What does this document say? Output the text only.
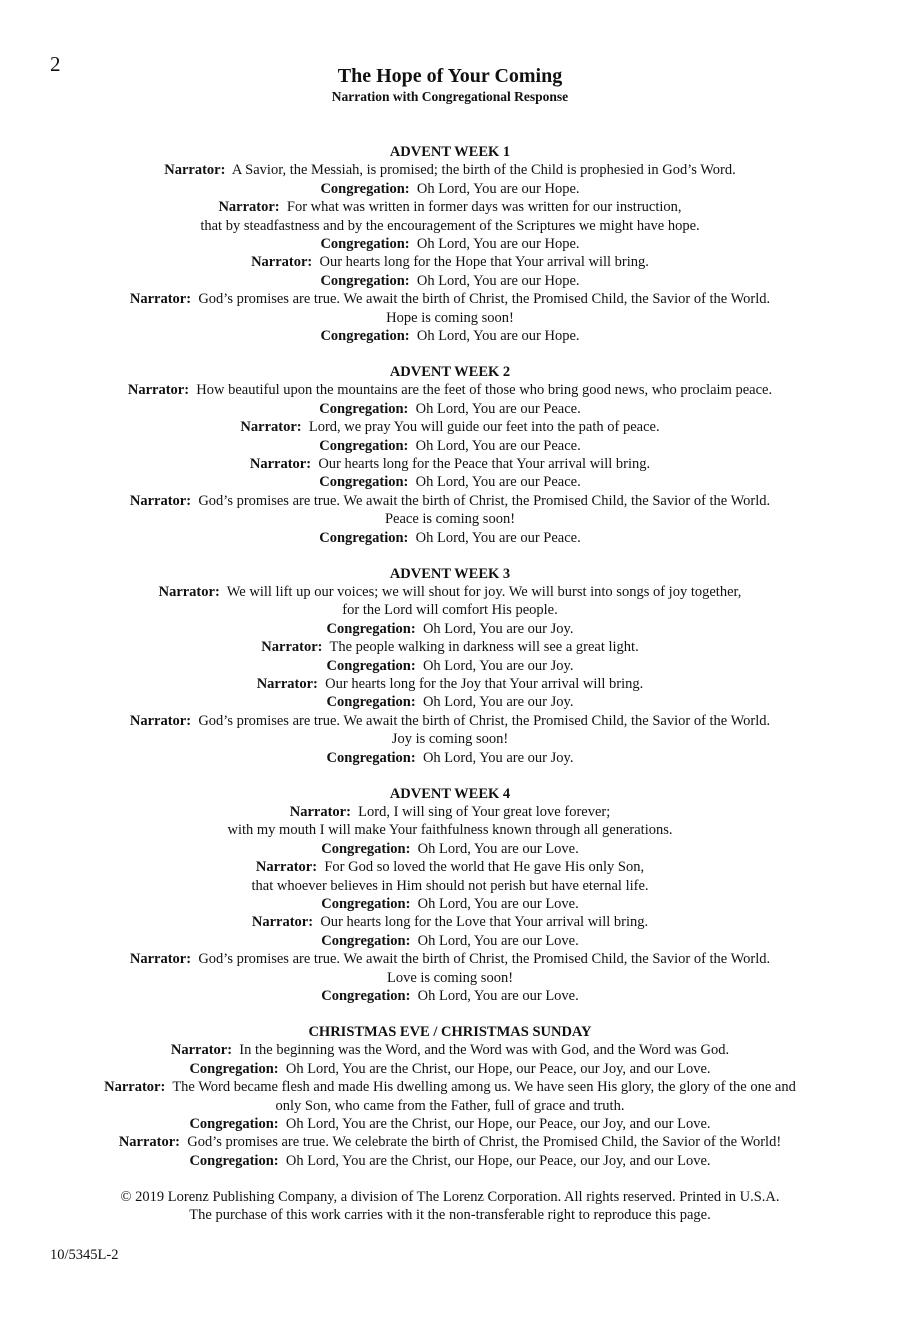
2	The Hope of Your Coming
Narration with Congregational Response
ADVENT WEEK 1
Narrator: A Savior, the Messiah, is promised; the birth of the Child is prophesied in God’s Word.
Congregation: Oh Lord, You are our Hope.
Narrator: For what was written in former days was written for our instruction,
that by steadfastness and by the encouragement of the Scriptures we might have hope.
Congregation: Oh Lord, You are our Hope.
Narrator: Our hearts long for the Hope that Your arrival will bring.
Congregation: Oh Lord, You are our Hope.
Narrator: God’s promises are true. We await the birth of Christ, the Promised Child, the Savior of the World.
Hope is coming soon!
Congregation: Oh Lord, You are our Hope.
ADVENT WEEK 2
Narrator: How beautiful upon the mountains are the feet of those who bring good news, who proclaim peace.
Congregation: Oh Lord, You are our Peace.
Narrator: Lord, we pray You will guide our feet into the path of peace.
Congregation: Oh Lord, You are our Peace.
Narrator: Our hearts long for the Peace that Your arrival will bring.
Congregation: Oh Lord, You are our Peace.
Narrator: God’s promises are true. We await the birth of Christ, the Promised Child, the Savior of the World.
Peace is coming soon!
Congregation: Oh Lord, You are our Peace.
ADVENT WEEK 3
Narrator: We will lift up our voices; we will shout for joy. We will burst into songs of joy together,
for the Lord will comfort His people.
Congregation: Oh Lord, You are our Joy.
Narrator: The people walking in darkness will see a great light.
Congregation: Oh Lord, You are our Joy.
Narrator: Our hearts long for the Joy that Your arrival will bring.
Congregation: Oh Lord, You are our Joy.
Narrator: God’s promises are true. We await the birth of Christ, the Promised Child, the Savior of the World.
Joy is coming soon!
Congregation: Oh Lord, You are our Joy.
ADVENT WEEK 4
Narrator: Lord, I will sing of Your great love forever;
with my mouth I will make Your faithfulness known through all generations.
Congregation: Oh Lord, You are our Love.
Narrator: For God so loved the world that He gave His only Son,
that whoever believes in Him should not perish but have eternal life.
Congregation: Oh Lord, You are our Love.
Narrator: Our hearts long for the Love that Your arrival will bring.
Congregation: Oh Lord, You are our Love.
Narrator: God’s promises are true. We await the birth of Christ, the Promised Child, the Savior of the World.
Love is coming soon!
Congregation: Oh Lord, You are our Love.
CHRISTMAS EVE / CHRISTMAS SUNDAY
Narrator: In the beginning was the Word, and the Word was with God, and the Word was God.
Congregation: Oh Lord, You are the Christ, our Hope, our Peace, our Joy, and our Love.
Narrator: The Word became flesh and made His dwelling among us. We have seen His glory, the glory of the one and
only Son, who came from the Father, full of grace and truth.
Congregation: Oh Lord, You are the Christ, our Hope, our Peace, our Joy, and our Love.
Narrator: God’s promises are true. We celebrate the birth of Christ, the Promised Child, the Savior of the World!
Congregation: Oh Lord, You are the Christ, our Hope, our Peace, our Joy, and our Love.
© 2019 Lorenz Publishing Company, a division of The Lorenz Corporation. All rights reserved. Printed in U.S.A.
The purchase of this work carries with it the non-transferable right to reproduce this page.
10/5345L-2
